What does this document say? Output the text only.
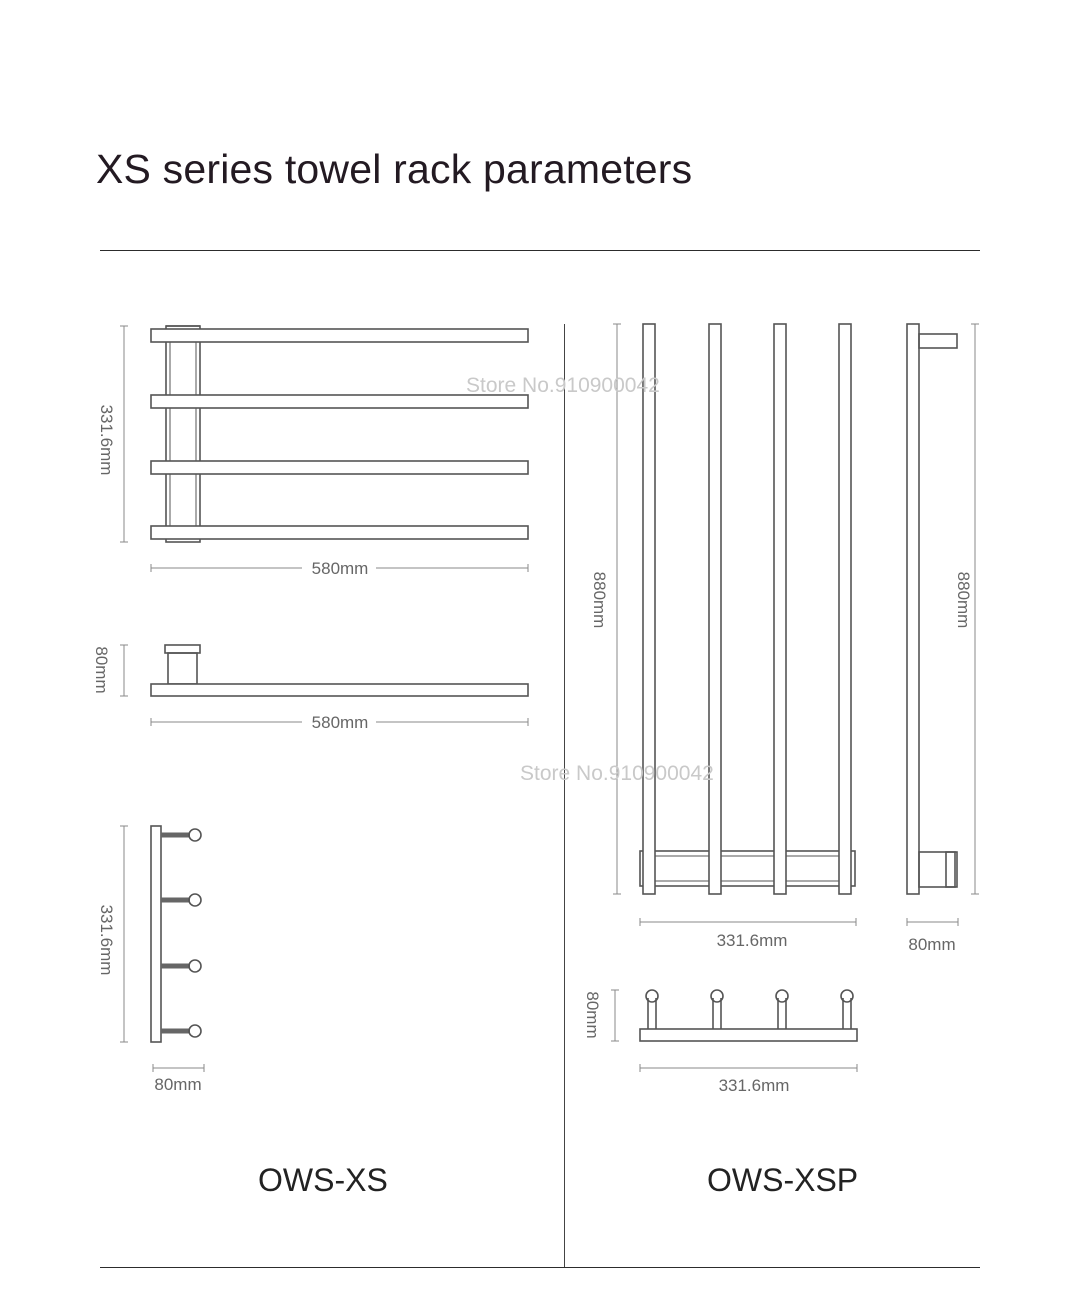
XS series towel rack parameters
331.6mm
580mm
80mm
580mm
331.6mm
80mm
880mm
331.6mm
880mm
80mm
80mm
331.6mm
Store No.910900042
Store No.910900042
OWS-XS	OWS-XSP
